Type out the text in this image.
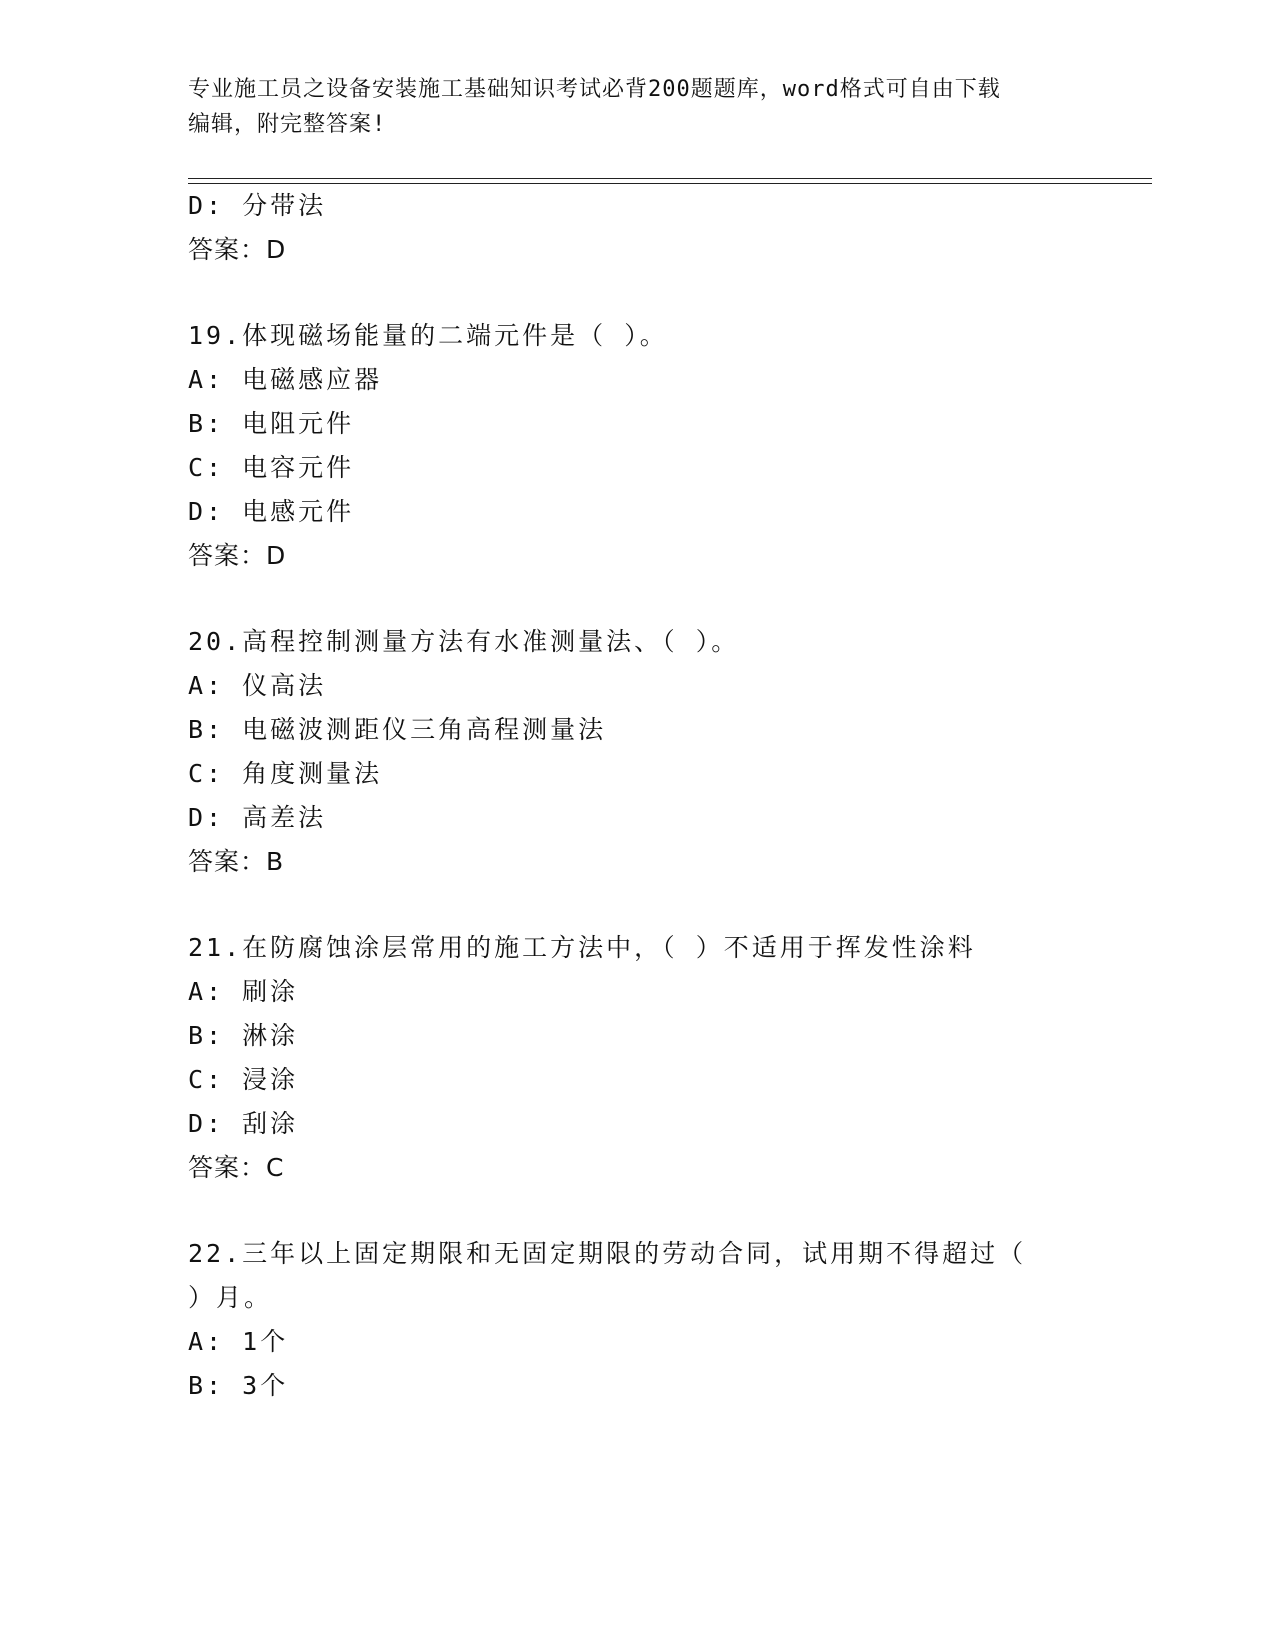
专业施工员之设备安装施工基础知识考试必背200题题库，word格式可自由下载
编辑，附完整答案!
D: 分带法
答案：D
19.体现磁场能量的二端元件是（ ）。
A: 电磁感应器
B: 电阻元件
C: 电容元件
D: 电感元件
答案：D
20.高程控制测量方法有水准测量法、（ ）。
A: 仪高法
B: 电磁波测距仪三角高程测量法
C: 角度测量法
D: 高差法
答案：B
21.在防腐蚀涂层常用的施工方法中，（ ）不适用于挥发性涂料
A: 刷涂
B: 淋涂
C: 浸涂
D: 刮涂
答案：C
22.三年以上固定期限和无固定期限的劳动合同，试用期不得超过（
）月。
A: 1个
B: 3个
